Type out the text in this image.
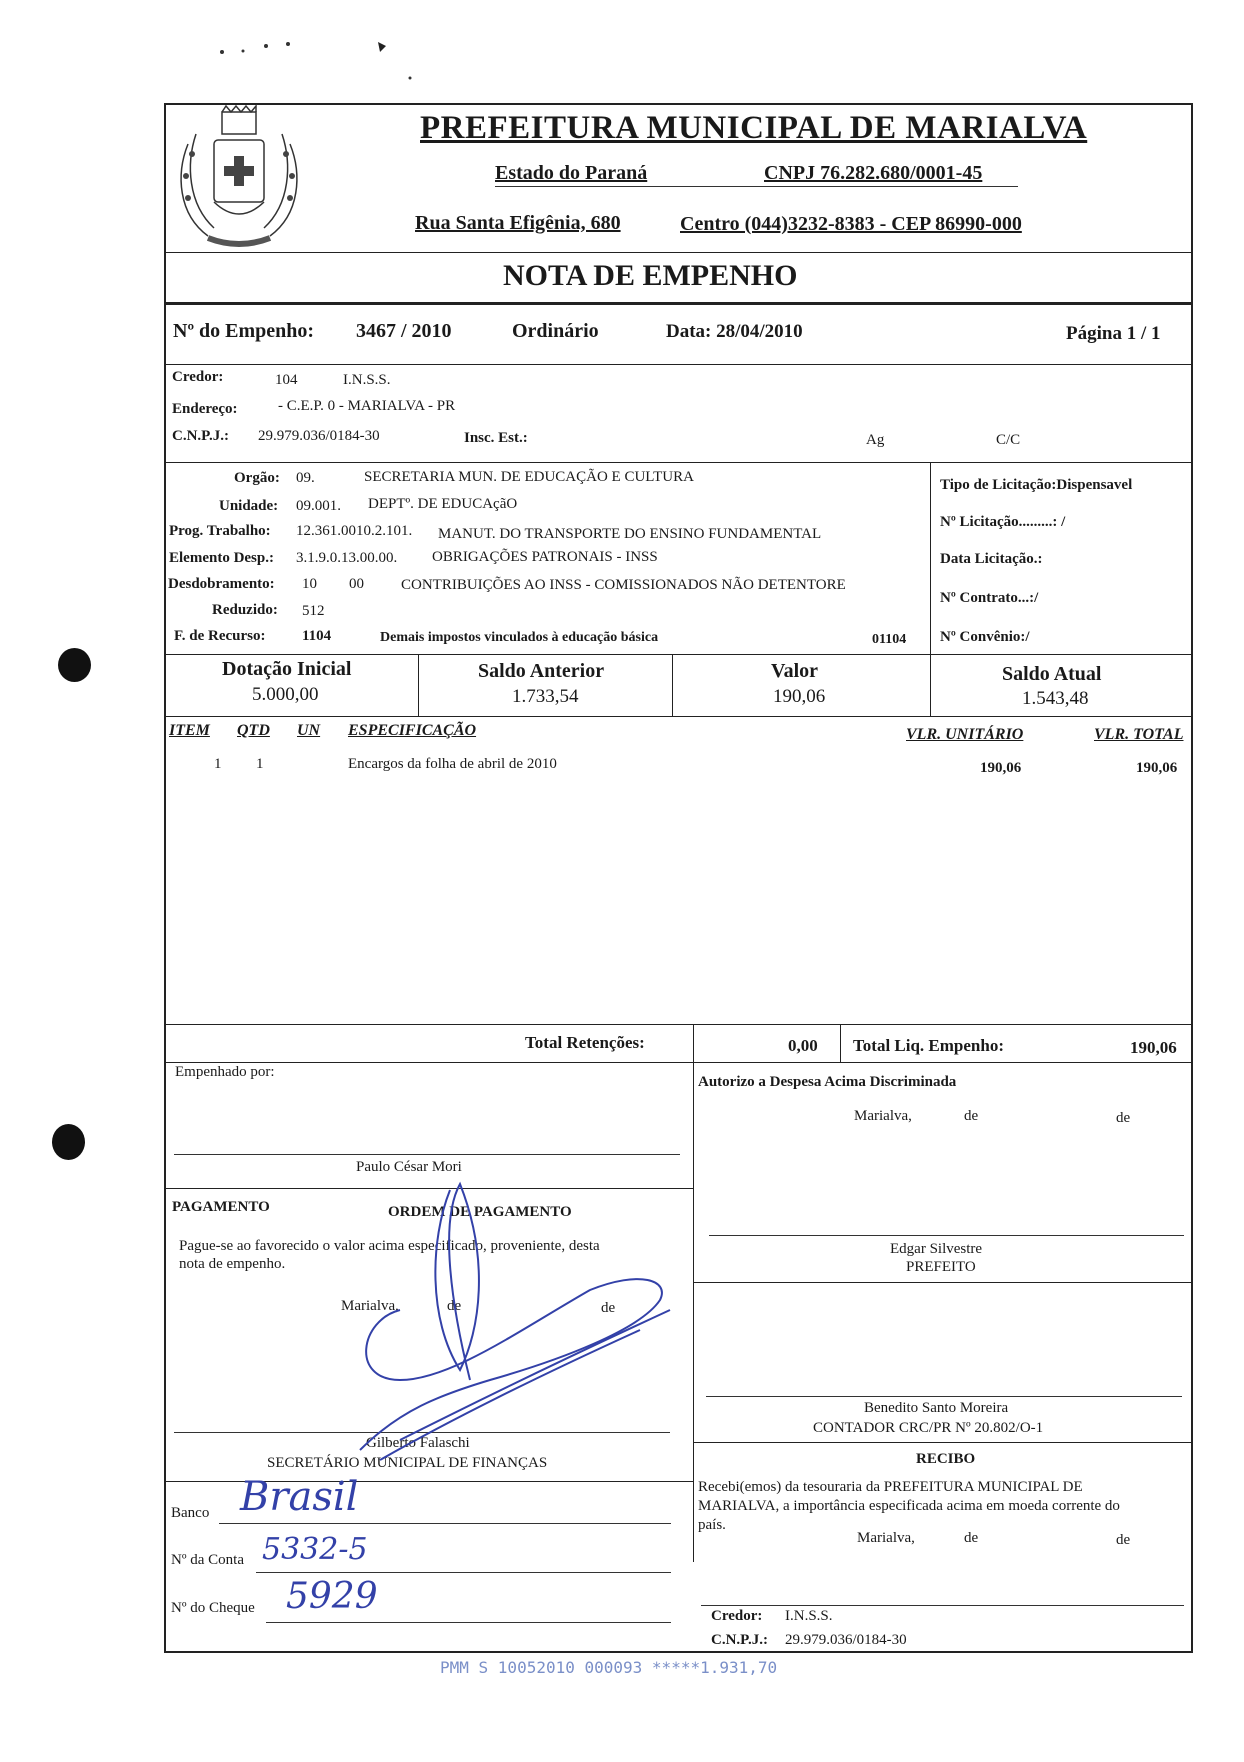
PREFEITURA MUNICIPAL DE MARIALVA
Estado do Paraná	CNPJ 76.282.680/0001-45
Rua Santa Efigênia, 680	Centro (044)3232-8383 - CEP 86990-000
NOTA DE EMPENHO
Nº do Empenho: 3467 / 2010	Ordinário	Data: 28/04/2010	Página 1 / 1
Credor:	104	I.N.S.S.
Endereço:	- C.E.P. 0 - MARIALVA - PR
C.N.P.J.: 29.979.036/0184-30	Insc. Est.:	Ag	C/C
Orgão: 09.	SECRETARIA MUN. DE EDUCAÇÃO E CULTURA
Unidade: 09.001. DEPTº. DE EDUCAçãO
Prog. Trabalho: 12.361.0010.2.101. MANUT. DO TRANSPORTE DO ENSINO FUNDAMENTAL
Elemento Desp.: 3.1.9.0.13.00.00. OBRIGAÇÕES PATRONAIS - INSS
Desdobramento: 10 00 CONTRIBUIÇÕES AO INSS - COMISSIONADOS NÃO DETENTORE
Reduzido: 512
F. de Recurso: 1104	Demais impostos vinculados à educação básica	01104
Tipo de Licitação:Dispensavel
Nº Licitação.........: /
Data Licitação.:
Nº Contrato...:/
Nº Convênio:/
Dotação Inicial
5.000,00
Saldo Anterior
1.733,54
Valor
190,06
Saldo Atual
1.543,48
ITEM QTD UN ESPECIFICAÇÃO	VLR. UNITÁRIO	VLR. TOTAL
1 1	Encargos da folha de abril de 2010	190,06	190,06
Total Retenções:	0,00 Total Liq. Empenho:	190,06
Empenhado por:
Paulo César Mori
PAGAMENTO	ORDEM DE PAGAMENTO
Pague-se ao favorecido o valor acima especificado, proveniente, desta
nota de empenho.
Marialva,	de	de
Gilberto Falaschi
SECRETÁRIO MUNICIPAL DE FINANÇAS
Banco Brasil
Nº da Conta 5332-5
Nº do Cheque 5929
Autorizo a Despesa Acima Discriminada
Marialva,	de	de
Edgar Silvestre
PREFEITO
Benedito Santo Moreira
CONTADOR CRC/PR Nº 20.802/O-1
RECIBO
Recebi(emos) da tesouraria da PREFEITURA MUNICIPAL DE
MARIALVA, a importância especificada acima em moeda corrente do
país.
Marialva,	de	de
Credor: I.N.S.S.
C.N.P.J.: 29.979.036/0184-30
PMM S 10052010 000093 *****1.931,70
